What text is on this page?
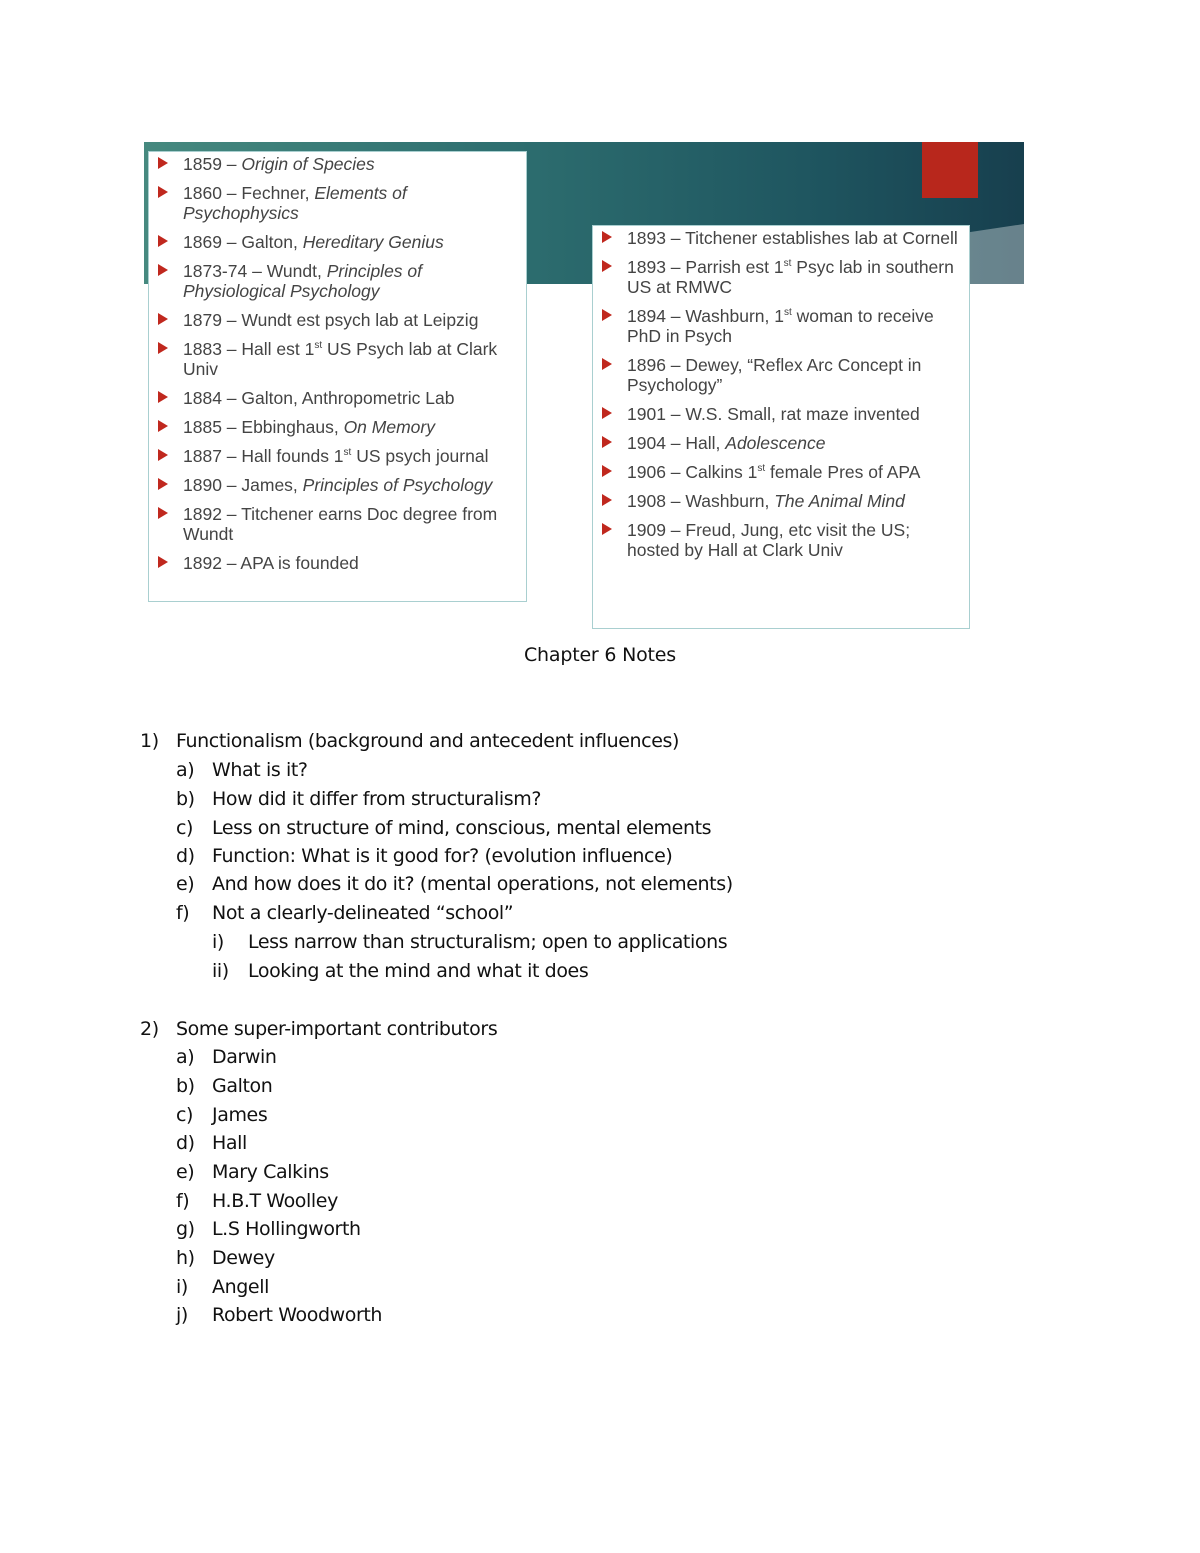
1859 – Origin of Species
1860 – Fechner, Elements of Psychophysics
1869 – Galton, Hereditary Genius
1873-74 – Wundt, Principles of Physiological Psychology
1879 – Wundt est psych lab at Leipzig
1883 – Hall est 1st US Psych lab at Clark Univ
1884 – Galton, Anthropometric Lab
1885 – Ebbinghaus, On Memory
1887 – Hall founds 1st US psych journal
1890 – James, Principles of Psychology
1892 – Titchener earns Doc degree from Wundt
1892 – APA is founded
1893 – Titchener establishes lab at Cornell
1893 – Parrish est 1st Psyc lab in southern US at RMWC
1894 – Washburn, 1st woman to receive PhD in Psych
1896 – Dewey, “Reflex Arc Concept in Psychology”
1901 – W.S. Small, rat maze invented
1904 – Hall, Adolescence
1906 – Calkins 1st female Pres of APA
1908 – Washburn, The Animal Mind
1909 – Freud, Jung, etc visit the US; hosted by Hall at Clark Univ
Chapter 6 Notes
1) Functionalism (background and antecedent influences)
a) What is it?
b) How did it differ from structuralism?
c) Less on structure of mind, conscious, mental elements
d) Function: What is it good for? (evolution influence)
e) And how does it do it? (mental operations, not elements)
f) Not a clearly-delineated “school”
i) Less narrow than structuralism; open to applications
ii) Looking at the mind and what it does
2) Some super-important contributors
a) Darwin
b) Galton
c) James
d) Hall
e) Mary Calkins
f) H.B.T Woolley
g) L.S Hollingworth
h) Dewey
i) Angell
j) Robert Woodworth
